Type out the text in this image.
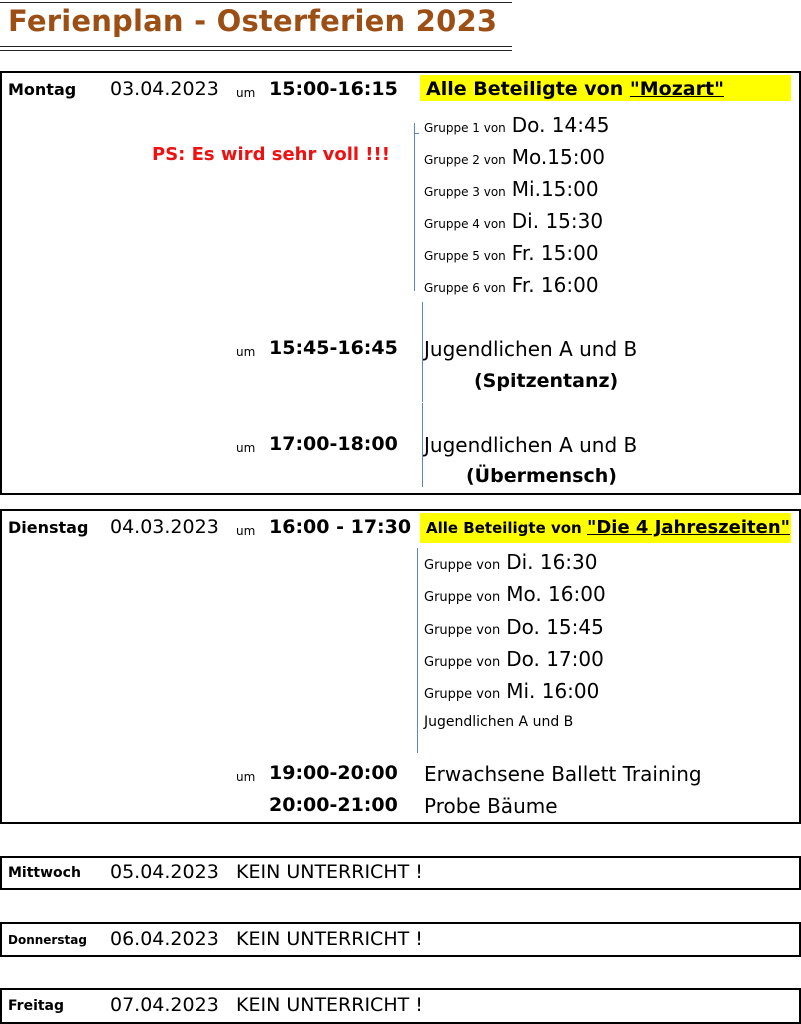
Ferienplan - Osterferien 2023
Montag 03.04.2023 um 15:00-16:15	Alle Beteiligte von "Mozart"
PS: Es wird sehr voll !!!
Gruppe 1 von Do. 14:45
Gruppe 2 von Mo.15:00
Gruppe 3 von Mi.15:00
Gruppe 4 von Di. 15:30
Gruppe 5 von Fr. 15:00
Gruppe 6 von Fr. 16:00
um 15:45-16:45 Jugendlichen A und B
(Spitzentanz)
um 17:00-18:00 Jugendlichen A und B
(Übermensch)
Dienstag 04.03.2023 um 16:00 - 17:30 Alle Beteiligte von "Die 4 Jahreszeiten"
Gruppe von Di. 16:30
Gruppe von Mo. 16:00
Gruppe von Do. 15:45
Gruppe von Do. 17:00
Gruppe von Mi. 16:00
Jugendlichen A und B
um 19:00-20:00 Erwachsene Ballett Training
20:00-21:00 Probe Bäume
Mittwoch 05.04.2023 KEIN UNTERRICHT !
Donnerstag 06.04.2023 KEIN UNTERRICHT !
Freitag 07.04.2023 KEIN UNTERRICHT !
